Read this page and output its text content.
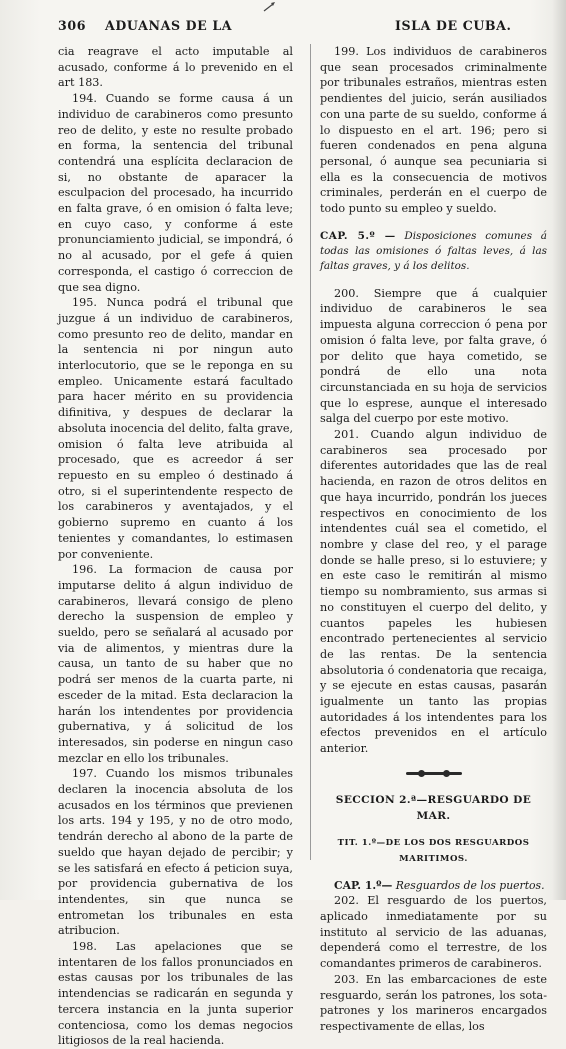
306 ADUANAS DE LA	ISLA DE CUBA.

cia reagrave el acto imputable al acusado, conforme á lo prevenido en el art 183.

194. Cuando se forme causa á un individuo de carabineros como presunto reo de delito, y este no resulte probado en forma, la sentencia del tribunal contendrá una esplícita declaracion de si, no obstante de aparacer la esculpacion del procesado, ha incurrido en falta grave, ó en omision ó falta leve; en cuyo caso, y conforme á este pronunciamiento judicial, se impondrá, ó no al acusado, por el gefe á quien corresponda, el castigo ó correccion de que sea digno.

195. Nunca podrá el tribunal que juzgue á un individuo de carabineros, como presunto reo de delito, mandar en la sentencia ni por ningun auto interlocutorio, que se le reponga en su empleo. Unicamente estará facultado para hacer mérito en su providencia difinitiva, y despues de declarar la absoluta inocencia del delito, falta grave, omision ó falta leve atribuida al procesado, que es acreedor á ser repuesto en su empleo ó destinado á otro, si el superintendente respecto de los carabineros y aventajados, y el gobierno supremo en cuanto á los tenientes y comandantes, lo estimasen por conveniente.

196. La formacion de causa por imputarse delito á algun individuo de carabineros, llevará consigo de pleno derecho la suspension de empleo y sueldo, pero se señalará al acusado por via de alimentos, y mientras dure la causa, un tanto de su haber que no podrá ser menos de la cuarta parte, ni esceder de la mitad. Esta declaracion la harán los intendentes por providencia gubernativa, y á solicitud de los interesados, sin poderse en ningun caso mezclar en ello los tribunales.

197. Cuando los mismos tribunales declaren la inocencia absoluta de los acusados en los términos que previenen los arts. 194 y 195, y no de otro modo, tendrán derecho al abono de la parte de sueldo que hayan dejado de percibir; y se les satisfará en efecto á peticion suya, por providencia gubernativa de los intendentes, sin que nunca se entrometan los tribunales en esta atribucion.

198. Las apelaciones que se intentaren de los fallos pronunciados en estas causas por los tribunales de las intendencias se radicarán en segunda y tercera instancia en la junta superior contenciosa, como los demas negocios litigiosos de la real hacienda.

199. Los individuos de carabineros que sean procesados criminalmente por tribunales estraños, mientras esten pendientes del juicio, serán ausiliados con una parte de su sueldo, conforme á lo dispuesto en el art. 196; pero si fueren condenados en pena alguna personal, ó aunque sea pecuniaria si ella es la consecuencia de motivos criminales, perderán en el cuerpo de todo punto su empleo y sueldo.

CAP. 5.º — Disposiciones comunes á todas las omisiones ó faltas leves, á las faltas graves, y á los delitos.

200. Siempre que á cualquier individuo de carabineros le sea impuesta alguna correccion ó pena por omision ó falta leve, por falta grave, ó por delito que haya cometido, se pondrá de ello una nota circunstanciada en su hoja de servicios que lo esprese, aunque el interesado salga del cuerpo por este motivo.

201. Cuando algun individuo de carabineros sea procesado por diferentes autoridades que las de real hacienda, en razon de otros delitos en que haya incurrido, pondrán los jueces respectivos en conocimiento de los intendentes cuál sea el cometido, el nombre y clase del reo, y el parage donde se halle preso, si lo estuviere; y en este caso le remitirán al mismo tiempo su nombramiento, sus armas si no constituyen el cuerpo del delito, y cuantos papeles les hubiesen encontrado pertenecientes al servicio de las rentas. De la sentencia absolutoria ó condenatoria que recaiga, y se ejecute en estas causas, pasarán igualmente un tanto las propias autoridades á los intendentes para los efectos prevenidos en el artículo anterior.

SECCION 2.ª—RESGUARDO DE MAR.
TIT. 1.º—DE LOS DOS RESGUARDOS MARITIMOS.

CAP. 1.º— Resguardos de los puertos.

202. El resguardo de los puertos, aplicado inmediatamente por su instituto al servicio de las aduanas, dependerá como el terrestre, de los comandantes primeros de carabineros.

203. En las embarcaciones de este resguardo, serán los patrones, los sota-patrones y los marineros encargados respectivamente de ellas, los
